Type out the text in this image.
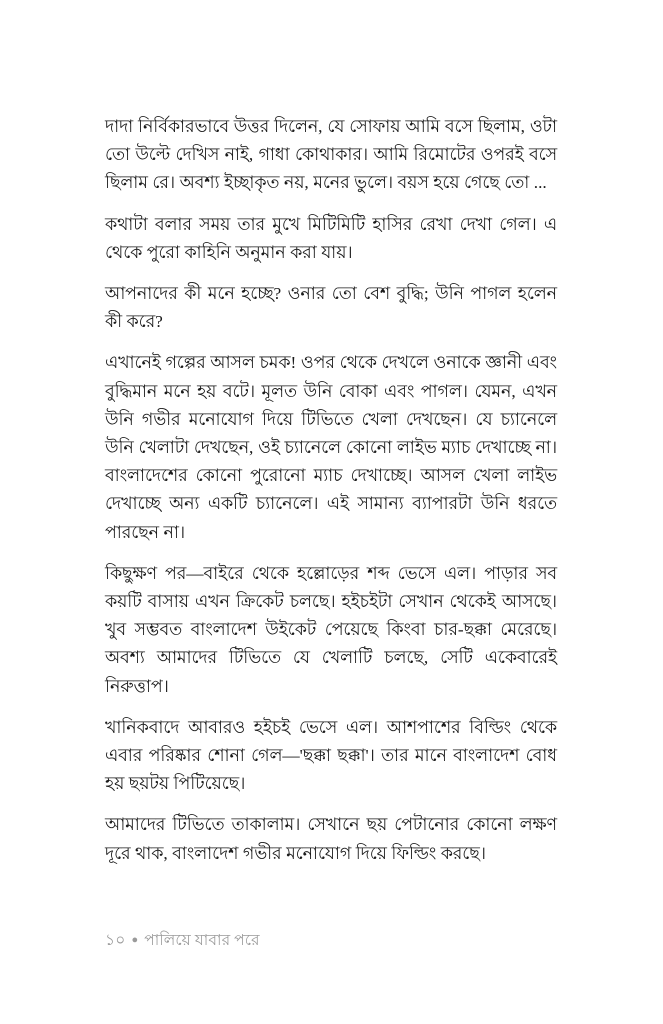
দাদা নির্বিকারভাবে উত্তর দিলেন, যে সোফায় আমি বসে ছিলাম, ওটা তো উল্টে দেখিস নাই, গাধা কোথাকার। আমি রিমোটের ওপরই বসে ছিলাম রে। অবশ্য ইচ্ছাকৃত নয়, মনের ভুলে। বয়স হয়ে গেছে তো ...

কথাটা বলার সময় তার মুখে মিটিমিটি হাসির রেখা দেখা গেল। এ থেকে পুরো কাহিনি অনুমান করা যায়।

আপনাদের কী মনে হচ্ছে? ওনার তো বেশ বুদ্ধি; উনি পাগল হলেন কী করে?

এখানেই গল্পের আসল চমক! ওপর থেকে দেখলে ওনাকে জ্ঞানী এবং বুদ্ধিমান মনে হয় বটে। মূলত উনি বোকা এবং পাগল। যেমন, এখন উনি গভীর মনোযোগ দিয়ে টিভিতে খেলা দেখছেন। যে চ্যানেলে উনি খেলাটা দেখছেন, ওই চ্যানেলে কোনো লাইভ ম্যাচ দেখাচ্ছে না। বাংলাদেশের কোনো পুরোনো ম্যাচ দেখাচ্ছে। আসল খেলা লাইভ দেখাচ্ছে অন্য একটি চ্যানেলে। এই সামান্য ব্যাপারটা উনি ধরতে পারছেন না।

কিছুক্ষণ পর—বাইরে থেকে হল্লোড়ের শব্দ ভেসে এল। পাড়ার সব কয়টি বাসায় এখন ক্রিকেট চলছে। হইচইটা সেখান থেকেই আসছে। খুব সম্ভবত বাংলাদেশ উইকেট পেয়েছে কিংবা চার-ছক্কা মেরেছে। অবশ্য আমাদের টিভিতে যে খেলাটি চলছে, সেটি একেবারেই নিরুত্তাপ।

খানিকবাদে আবারও হইচই ভেসে এল। আশপাশের বিল্ডিং থেকে এবার পরিষ্কার শোনা গেল—'ছক্কা ছক্কা'। তার মানে বাংলাদেশ বোধ হয় ছয়টয় পিটিয়েছে।

আমাদের টিভিতে তাকালাম। সেখানে ছয় পেটানোর কোনো লক্ষণ দূরে থাক, বাংলাদেশ গভীর মনোযোগ দিয়ে ফিল্ডিং করছে।

১০ ● পালিয়ে যাবার পরে
